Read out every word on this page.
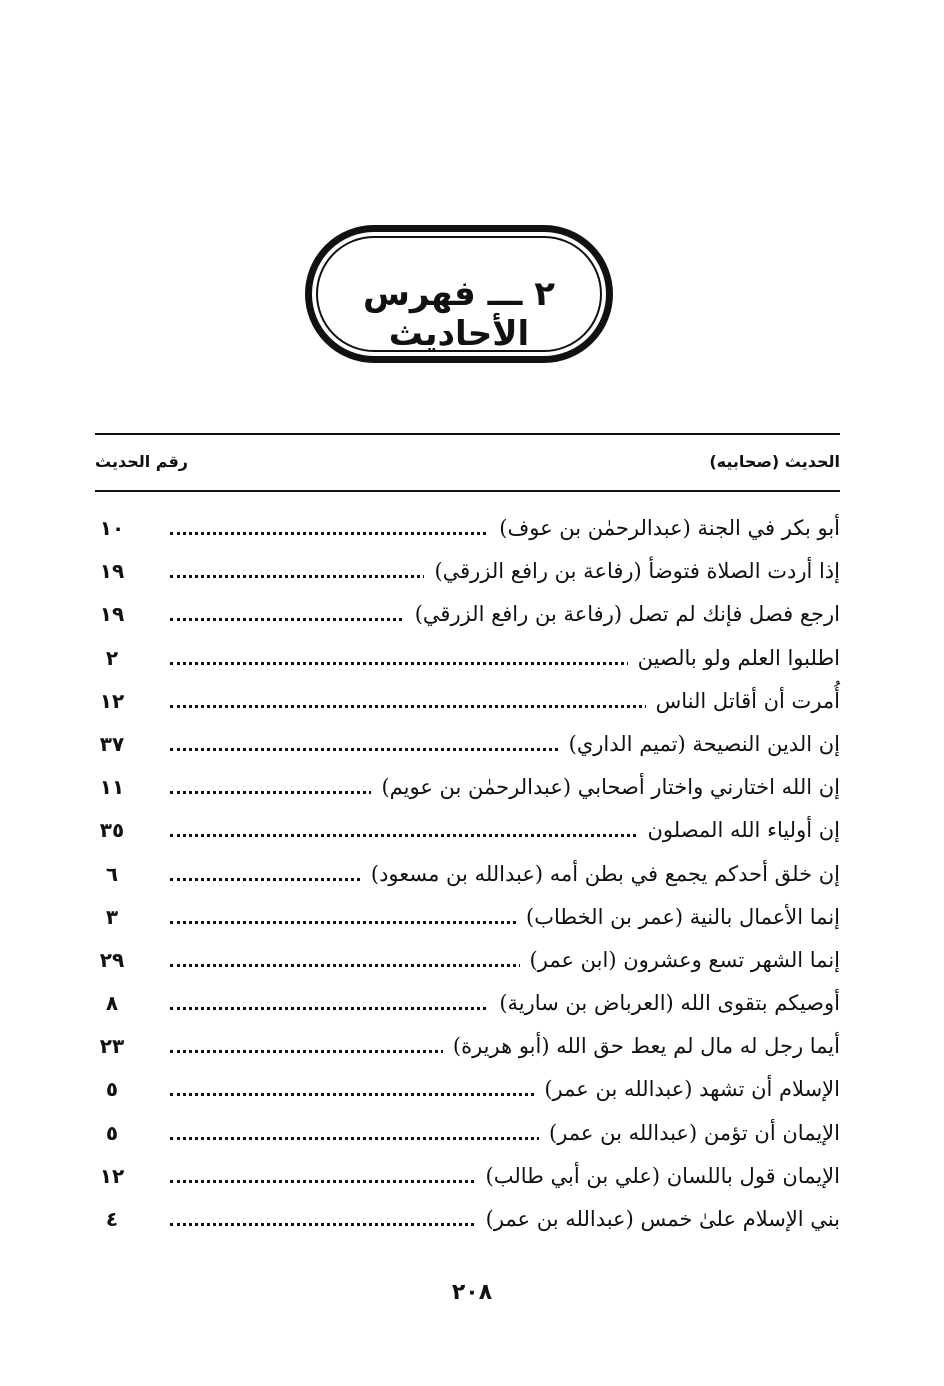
٢ ـــ فهرس الأحاديث
الحديث (صحابيه)
رقم الحديث
أبو بكر في الجنة (عبدالرحمٰن بن عوف)
١٠
إذا أردت الصلاة فتوضأ (رفاعة بن رافع الزرقي)
١٩
ارجع فصل فإنك لم تصل (رفاعة بن رافع الزرقي)
١٩
اطلبوا العلم ولو بالصين
٢
أُمرت أن أقاتل الناس
١٢
إن الدين النصيحة (تميم الداري)
٣٧
إن الله اختارني واختار أصحابي (عبدالرحمٰن بن عويم)
١١
إن أولياء الله المصلون
٣٥
إن خلق أحدكم يجمع في بطن أمه (عبدالله بن مسعود)
٦
إنما الأعمال بالنية (عمر بن الخطاب)
٣
إنما الشهر تسع وعشرون (ابن عمر)
٢٩
أوصيكم بتقوى الله (العرباض بن سارية)
٨
أيما رجل له مال لم يعط حق الله (أبو هريرة)
٢٣
الإسلام أن تشهد (عبدالله بن عمر)
٥
الإيمان أن تؤمن (عبدالله بن عمر)
٥
الإيمان قول باللسان (علي بن أبي طالب)
١٢
بني الإسلام علىٰ خمس (عبدالله بن عمر)
٤
٢٠٨
